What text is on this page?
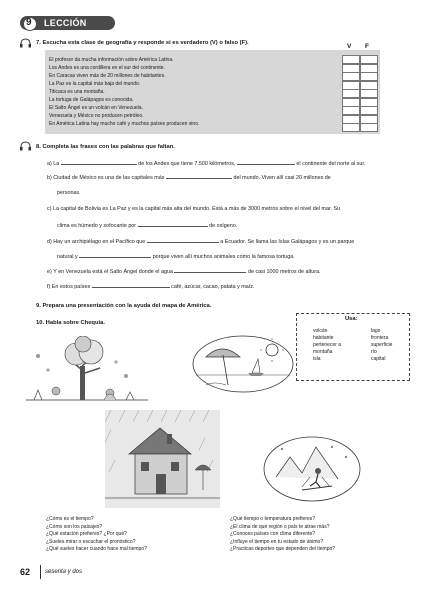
9 LECCIÓN
7. Escucha esta clase de geografía y responde si es verdadero (V) o falso (F).
El profesor da mucha información sobre América Latina.
Los Andes es una cordillera en el sur del continente.
En Caracas viven más de 20 millones de habitantes.
La Paz es la capital más baja del mundo.
Titicaca es una montaña.
La tortuga de Galápagos es conocida.
El Salto Ángel es un volcán en Venezuela.
Venezuela y México no producen petróleo.
En América Latina hay mucho café y muchos países producen vino.
V F
8. Completa las frases con las palabras que faltan.
a) La	de los Andes que tiene 7.500 kilómetros,	el continente del norte al sur.
b) Ciudad de México es una de las capitales más	del mundo. Viven allí casi 20 millones de
personas.
c) La capital de Bolivia es La Paz y es la capital más alta del mundo. Está a más de 3000 metros sobre el nivel del mar. Su
clima es húmedo y sofocante por	de oxígeno.
d) Hay un archipiélago en el Pacífico que	a Ecuador. Se llama las Islas Galápagos y es un parque
natural y	porque viven allí muchos animales como la famosa tortuga.
e) Y en Venezuela está el Salto Ángel donde el agua	de casi 1000 metros de altura.
f) En estos países	café, azúcar, cacao, patata y maíz.
9. Prepara una presentación con la ayuda del mapa de América.
10. Habla sobre Chequia.
Usa:
volcán
habitante
pertenecer a
montaña
isla
lago
frontera
superficie
río
capital
¿Cómo es el tiempo?
¿Cómo son los paisajes?
¿Qué estación prefieres? ¿Por qué?
¿Sueles mirar o escuchar el pronóstico?
¿Qué sueles hacer cuando hace mal tiempo?
¿Qué tiempo o temperatura prefieres?
¿El clima de qué región o país te atrae más?
¿Conoces países con clima diferente?
¿Influye el tiempo en tu estado de ánimo?
¿Practicas deportes que dependen del tiempo?
62 sesenta y dos
